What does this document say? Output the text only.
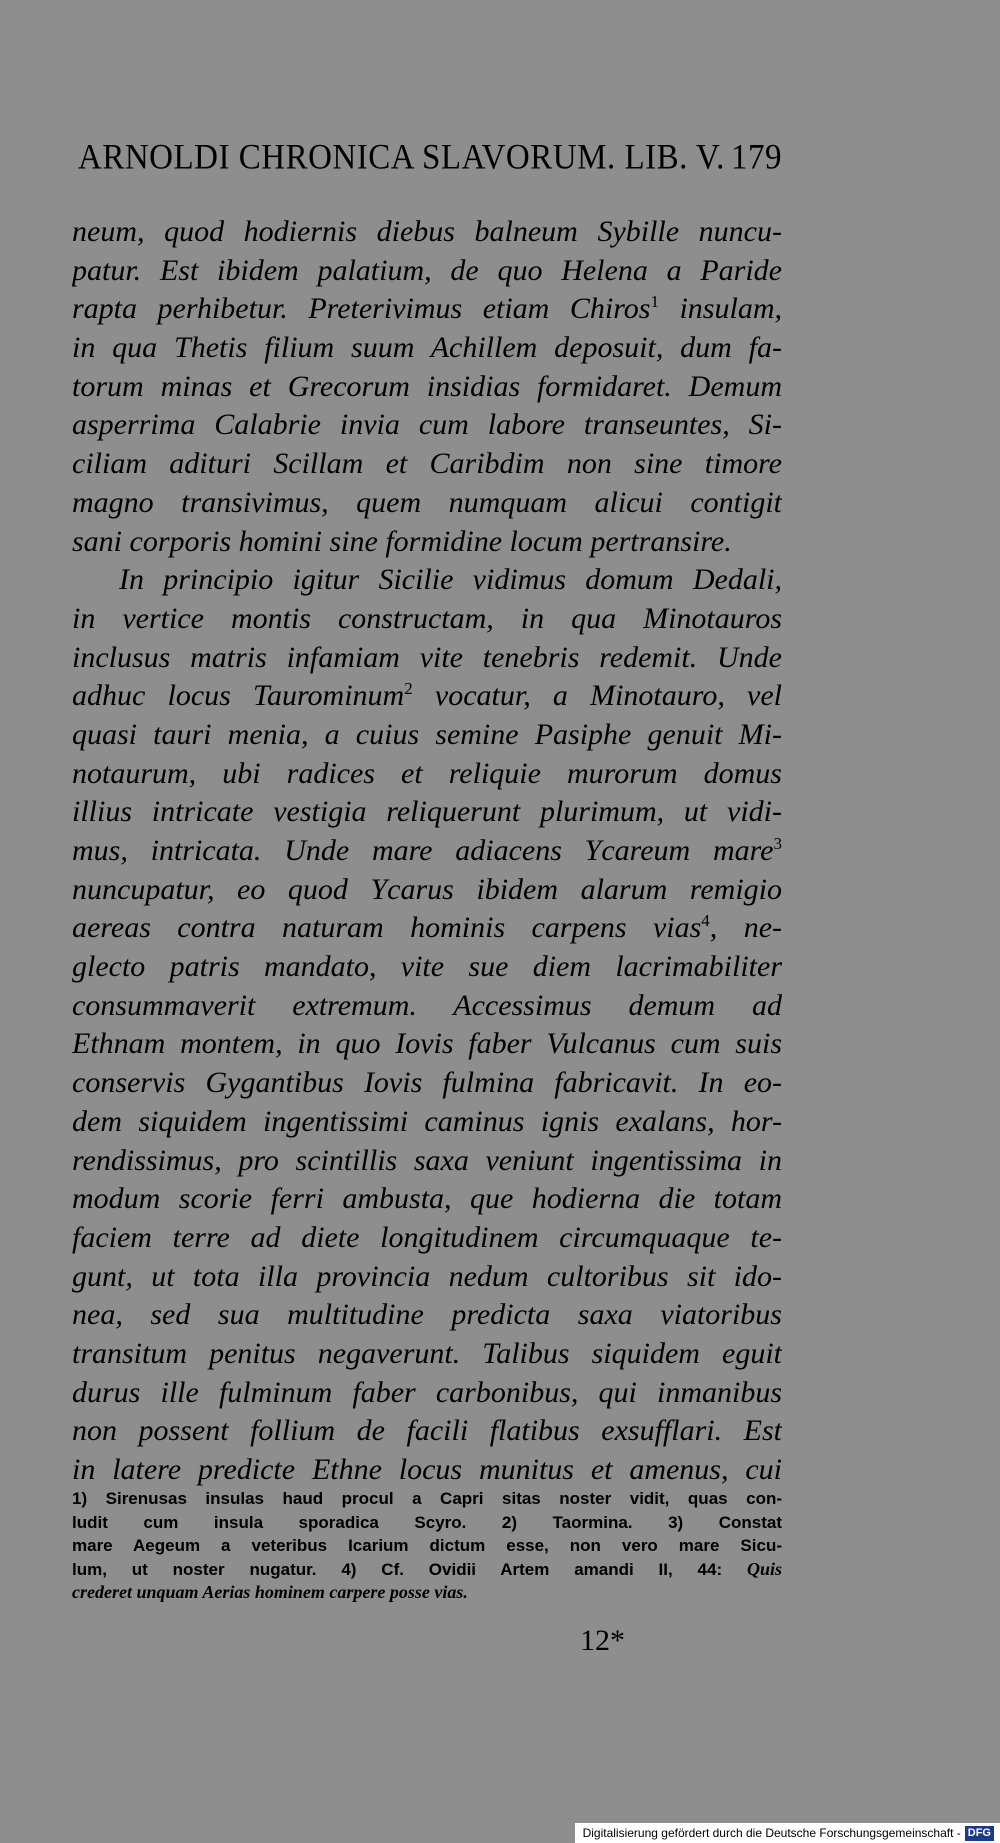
ARNOLDI CHRONICA SLAVORUM. LIB. V. 179
neum, quod hodiernis diebus balneum Sybille nuncu-
patur. Est ibidem palatium, de quo Helena a Paride
rapta perhibetur. Preterivimus etiam Chiros$^1$ insulam,
in qua Thetis filium suum Achillem deposuit, dum fa-
torum minas et Grecorum insidias formidaret. Demum
asperrima Calabrie invia cum labore transeuntes, Si-
ciliam adituri Scillam et Caribdim non sine timore
magno transivimus, quem numquam alicui contigit
sani corporis homini sine formidine locum pertransire.
In principio igitur Sicilie vidimus domum Dedali,
in vertice montis constructam, in qua Minotauros
inclusus matris infamiam vite tenebris redemit. Unde
adhuc locus Taurominum$^2$ vocatur, a Minotauro, vel
quasi tauri menia, a cuius semine Pasiphe genuit Mi-
notaurum, ubi radices et reliquie murorum domus
illius intricate vestigia reliquerunt plurimum, ut vidi-
mus, intricata. Unde mare adiacens Ycareum mare$^3$
nuncupatur, eo quod Ycarus ibidem alarum remigio
aereas contra naturam hominis carpens vias$^4$, ne-
glecto patris mandato, vite sue diem lacrimabiliter
consummaverit extremum. Accessimus demum ad
Ethnam montem, in quo Iovis faber Vulcanus cum suis
conservis Gygantibus Iovis fulmina fabricavit. In eo-
dem siquidem ingentissimi caminus ignis exalans, hor-
rendissimus, pro scintillis saxa veniunt ingentissima in
modum scorie ferri ambusta, que hodierna die totam
faciem terre ad diete longitudinem circumquaque te-
gunt, ut tota illa provincia nedum cultoribus sit ido-
nea, sed sua multitudine predicta saxa viatoribus
transitum penitus negaverunt. Talibus siquidem eguit
durus ille fulminum faber carbonibus, qui inmanibus
non possent follium de facili flatibus exsufflari. Est
in latere predicte Ethne locus munitus et amenus, cui
1) Sirenusas insulas haud procul a Capri sitas noster vidit, quas con-
ludit cum insula sporadica Scyro. 2) Taormina. 3) Constat
mare Aegeum a veteribus Icarium dictum esse, non vero mare Sicu-
lum, ut noster nugatur. 4) Cf. Ovidii Artem amandi II, 44: Quis
crederet unquam Aerias hominem carpere posse vias.
12*
Digitalisierung gefördert durch die Deutsche Forschungsgemeinschaft - DFG
